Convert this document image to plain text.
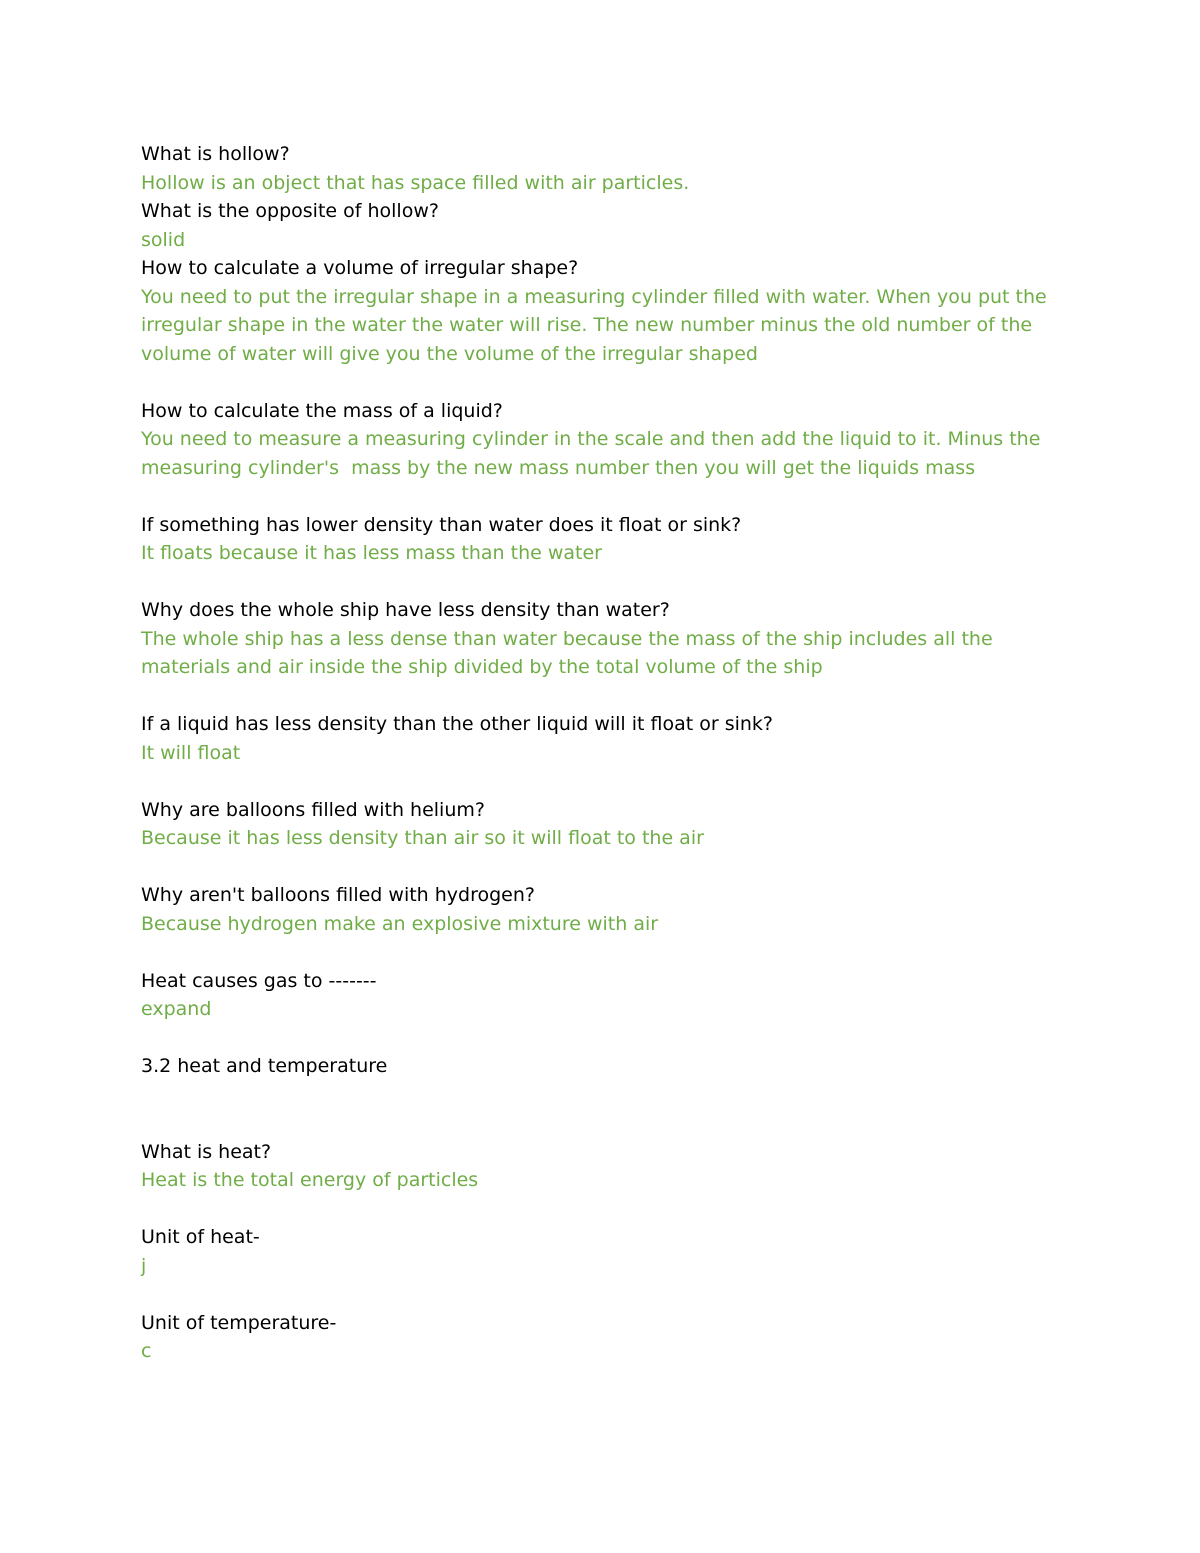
What is hollow?

Hollow is an object that has space filled with air particles.

What is the opposite of hollow?

solid

How to calculate a volume of irregular shape?

You need to put the irregular shape in a measuring cylinder filled with water. When you put the

irregular shape in the water the water will rise. The new number minus the old number of the

volume of water will give you the volume of the irregular shaped

How to calculate the mass of a liquid?

You need to measure a measuring cylinder in the scale and then add the liquid to it. Minus the

measuring cylinder's  mass by the new mass number then you will get the liquids mass

If something has lower density than water does it float or sink?

It floats because it has less mass than the water

Why does the whole ship have less density than water?

The whole ship has a less dense than water because the mass of the ship includes all the

materials and air inside the ship divided by the total volume of the ship

If a liquid has less density than the other liquid will it float or sink?

It will float

Why are balloons filled with helium?

Because it has less density than air so it will float to the air

Why aren't balloons filled with hydrogen?

Because hydrogen make an explosive mixture with air

Heat causes gas to -------

expand

3.2 heat and temperature

What is heat?

Heat is the total energy of particles

Unit of heat-

j

Unit of temperature-

c
